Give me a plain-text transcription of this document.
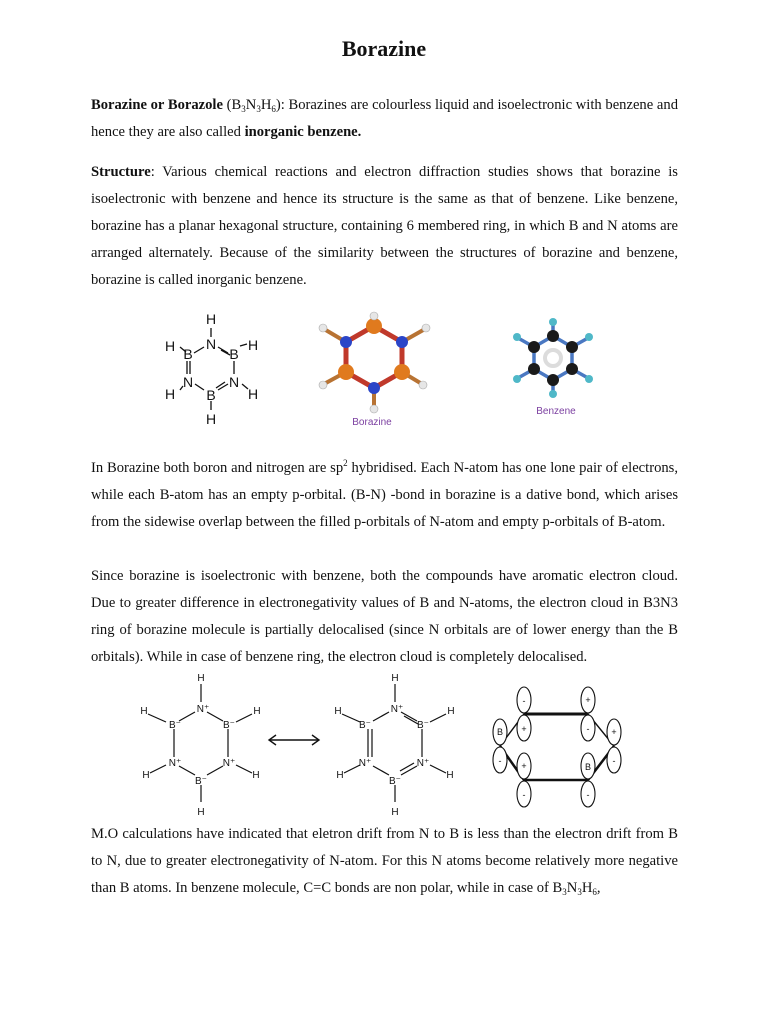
Borazine
Borazine or Borazole $(B_3N_3H_6)$: Borazines are colourless liquid and isoelectronic with benzene and hence they are also called inorganic benzene.
Structure: Various chemical reactions and electron diffraction studies shows that borazine is isoelectronic with benzene and hence its structure is the same as that of benzene. Like benzene, borazine has a planar hexagonal structure, containing 6 membered ring, in which B and N atoms are arranged alternately. Because of the similarity between the structures of borazine and benzene, borazine is called inorganic benzene.
H
N
H B	B
H
N	N
H	H
B
H	Borazine
Benzene
In Borazine both boron and nitrogen are $sp^2$ hybridised. Each N-atom has one lone pair of electrons, while each B-atom has an empty p-orbital. (B-N) -bond in borazine is a dative bond, which arises from the sidewise overlap between the filled p-orbitals of N-atom and empty p-orbitals of B-atom.
Since borazine is isoelectronic with benzene, both the compounds have aromatic electron cloud. Due to greater difference in electronegativity values of B and N-atoms, the electron cloud in B3N3 ring of borazine molecule is partially delocalised (since N orbitals are of lower energy than the B orbitals). While in case of benzene ring, the electron cloud is completely delocalised.
H
N⁺
H	H
B⁻	B⁻
N⁺	N⁺
H	H
B⁻
H
H
N⁺
H	H
B⁻	B⁻
N⁺	N⁺
H	H
B⁻
H
-
+
+
- +
-
B
- +
-
B
-
M.O calculations have indicated that eletron drift from N to B is less than the electron drift from B to N, due to greater electronegativity of N-atom. For this N atoms become relatively more negative than B atoms. In benzene molecule, C=C bonds are non polar, while in case of $B_3N_3H_6$,
